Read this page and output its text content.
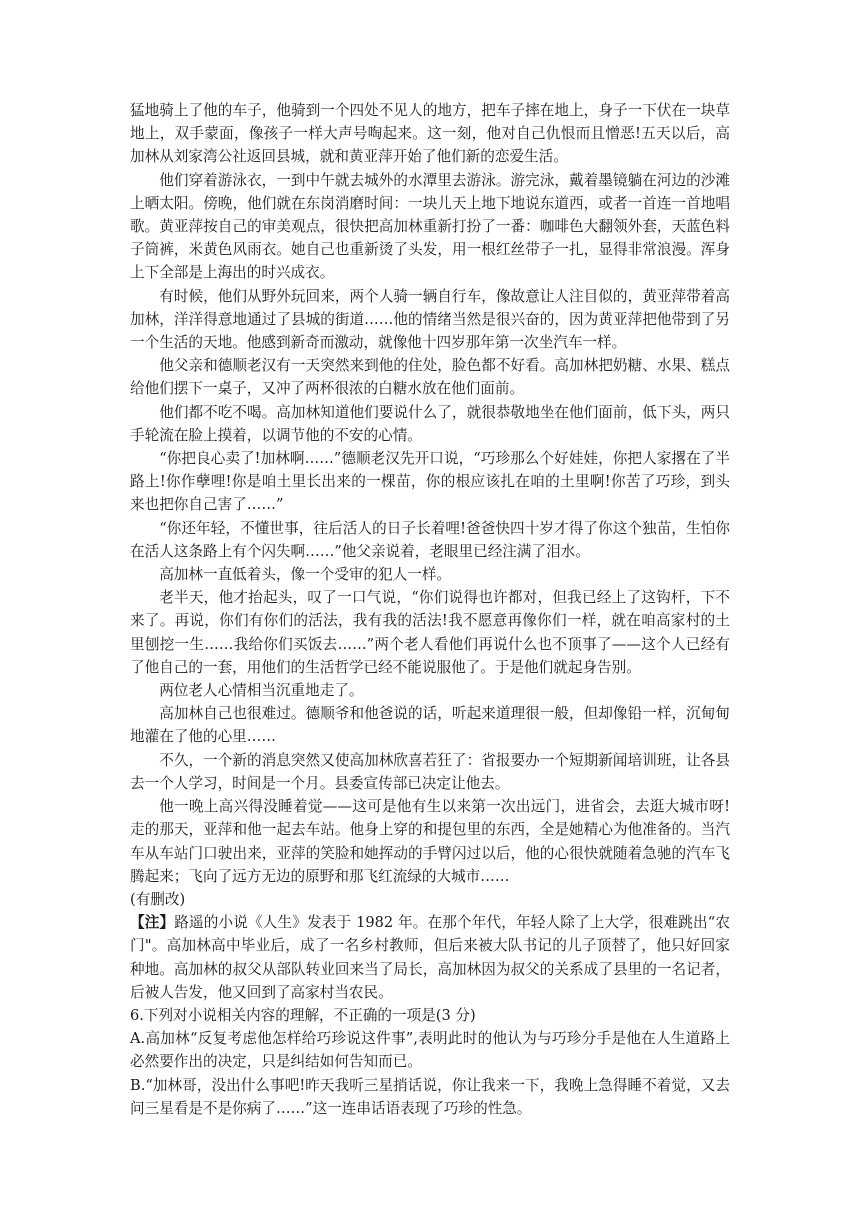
猛地骑上了他的车子，他骑到一个四处不见人的地方，把车子摔在地上，身子一下伏在一块草地上，双手蒙面，像孩子一样大声号啕起来。这一刻，他对自己仇恨而且憎恶!五天以后，高加林从刘家湾公社返回县城，就和黄亚萍开始了他们新的恋爱生活。

他们穿着游泳衣，一到中午就去城外的水潭里去游泳。游完泳，戴着墨镜躺在河边的沙滩上晒太阳。傍晚，他们就在东岗消磨时间：一块儿天上地下地说东道西，或者一首连一首地唱歌。黄亚萍按自己的审美观点，很快把高加林重新打扮了一番：咖啡色大翻领外套，天蓝色料子筒裤，米黄色风雨衣。她自己也重新烫了头发，用一根红丝带子一扎，显得非常浪漫。浑身上下全部是上海出的时兴成衣。

有时候，他们从野外玩回来，两个人骑一辆自行车，像故意让人注目似的，黄亚萍带着高加林，洋洋得意地通过了县城的街道……他的情绪当然是很兴奋的，因为黄亚萍把他带到了另一个生活的天地。他感到新奇而激动，就像他十四岁那年第一次坐汽车一样。

他父亲和德顺老汉有一天突然来到他的住处，脸色都不好看。高加林把奶糖、水果、糕点给他们摆下一桌子，又冲了两杯很浓的白糖水放在他们面前。

他们都不吃不喝。高加林知道他们要说什么了，就很恭敬地坐在他们面前，低下头，两只手轮流在脸上摸着，以调节他的不安的心情。

“你把良心卖了!加林啊……”德顺老汉先开口说，“巧珍那么个好娃娃，你把人家撂在了半路上!你作孽哩!你是咱土里长出来的一棵苗，你的根应该扎在咱的土里啊!你苦了巧珍，到头来也把你自己害了……”

“你还年轻，不懂世事，往后活人的日子长着哩!爸爸快四十岁才得了你这个独苗，生怕你在活人这条路上有个闪失啊……”他父亲说着，老眼里已经注满了泪水。

高加林一直低着头，像一个受审的犯人一样。

老半天，他才抬起头，叹了一口气说，“你们说得也许都对，但我已经上了这钩杆，下不来了。再说，你们有你们的活法，我有我的活法!我不愿意再像你们一样，就在咱高家村的土里刨挖一生……我给你们买饭去……”两个老人看他们再说什么也不顶事了——这个人已经有了他自己的一套，用他们的生活哲学已经不能说服他了。于是他们就起身告别。

两位老人心情相当沉重地走了。

高加林自己也很难过。德顺爷和他爸说的话，听起来道理很一般，但却像铅一样，沉甸甸地灌在了他的心里……

不久，一个新的消息突然又使高加林欣喜若狂了：省报要办一个短期新闻培训班，让各县去一个人学习，时间是一个月。县委宣传部已决定让他去。

他一晚上高兴得没睡着觉——这可是他有生以来第一次出远门，进省会，去逛大城市呀!走的那天，亚萍和他一起去车站。他身上穿的和提包里的东西，全是她精心为他准备的。当汽车从车站门口驶出来，亚萍的笑脸和她挥动的手臂闪过以后，他的心很快就随着急驰的汽车飞腾起来；飞向了远方无边的原野和那飞红流绿的大城市……

(有删改)

【注】路遥的小说《人生》发表于 1982 年。在那个年代，年轻人除了上大学，很难跳出“农门"。高加林高中毕业后，成了一名乡村教师，但后来被大队书记的儿子顶替了，他只好回家种地。高加林的叔父从部队转业回来当了局长，高加林因为叔父的关系成了县里的一名记者，后被人告发，他又回到了高家村当农民。

6.下列对小说相关内容的理解，不正确的一项是(3 分)

A.高加林“反复考虑他怎样给巧珍说这件事”,表明此时的他认为与巧珍分手是他在人生道路上必然要作出的决定，只是纠结如何告知而已。

B.“加林哥，没出什么事吧!昨天我听三星捎话说，你让我来一下，我晚上急得睡不着觉，又去问三星看是不是你病了……”这一连串话语表现了巧珍的性急。
